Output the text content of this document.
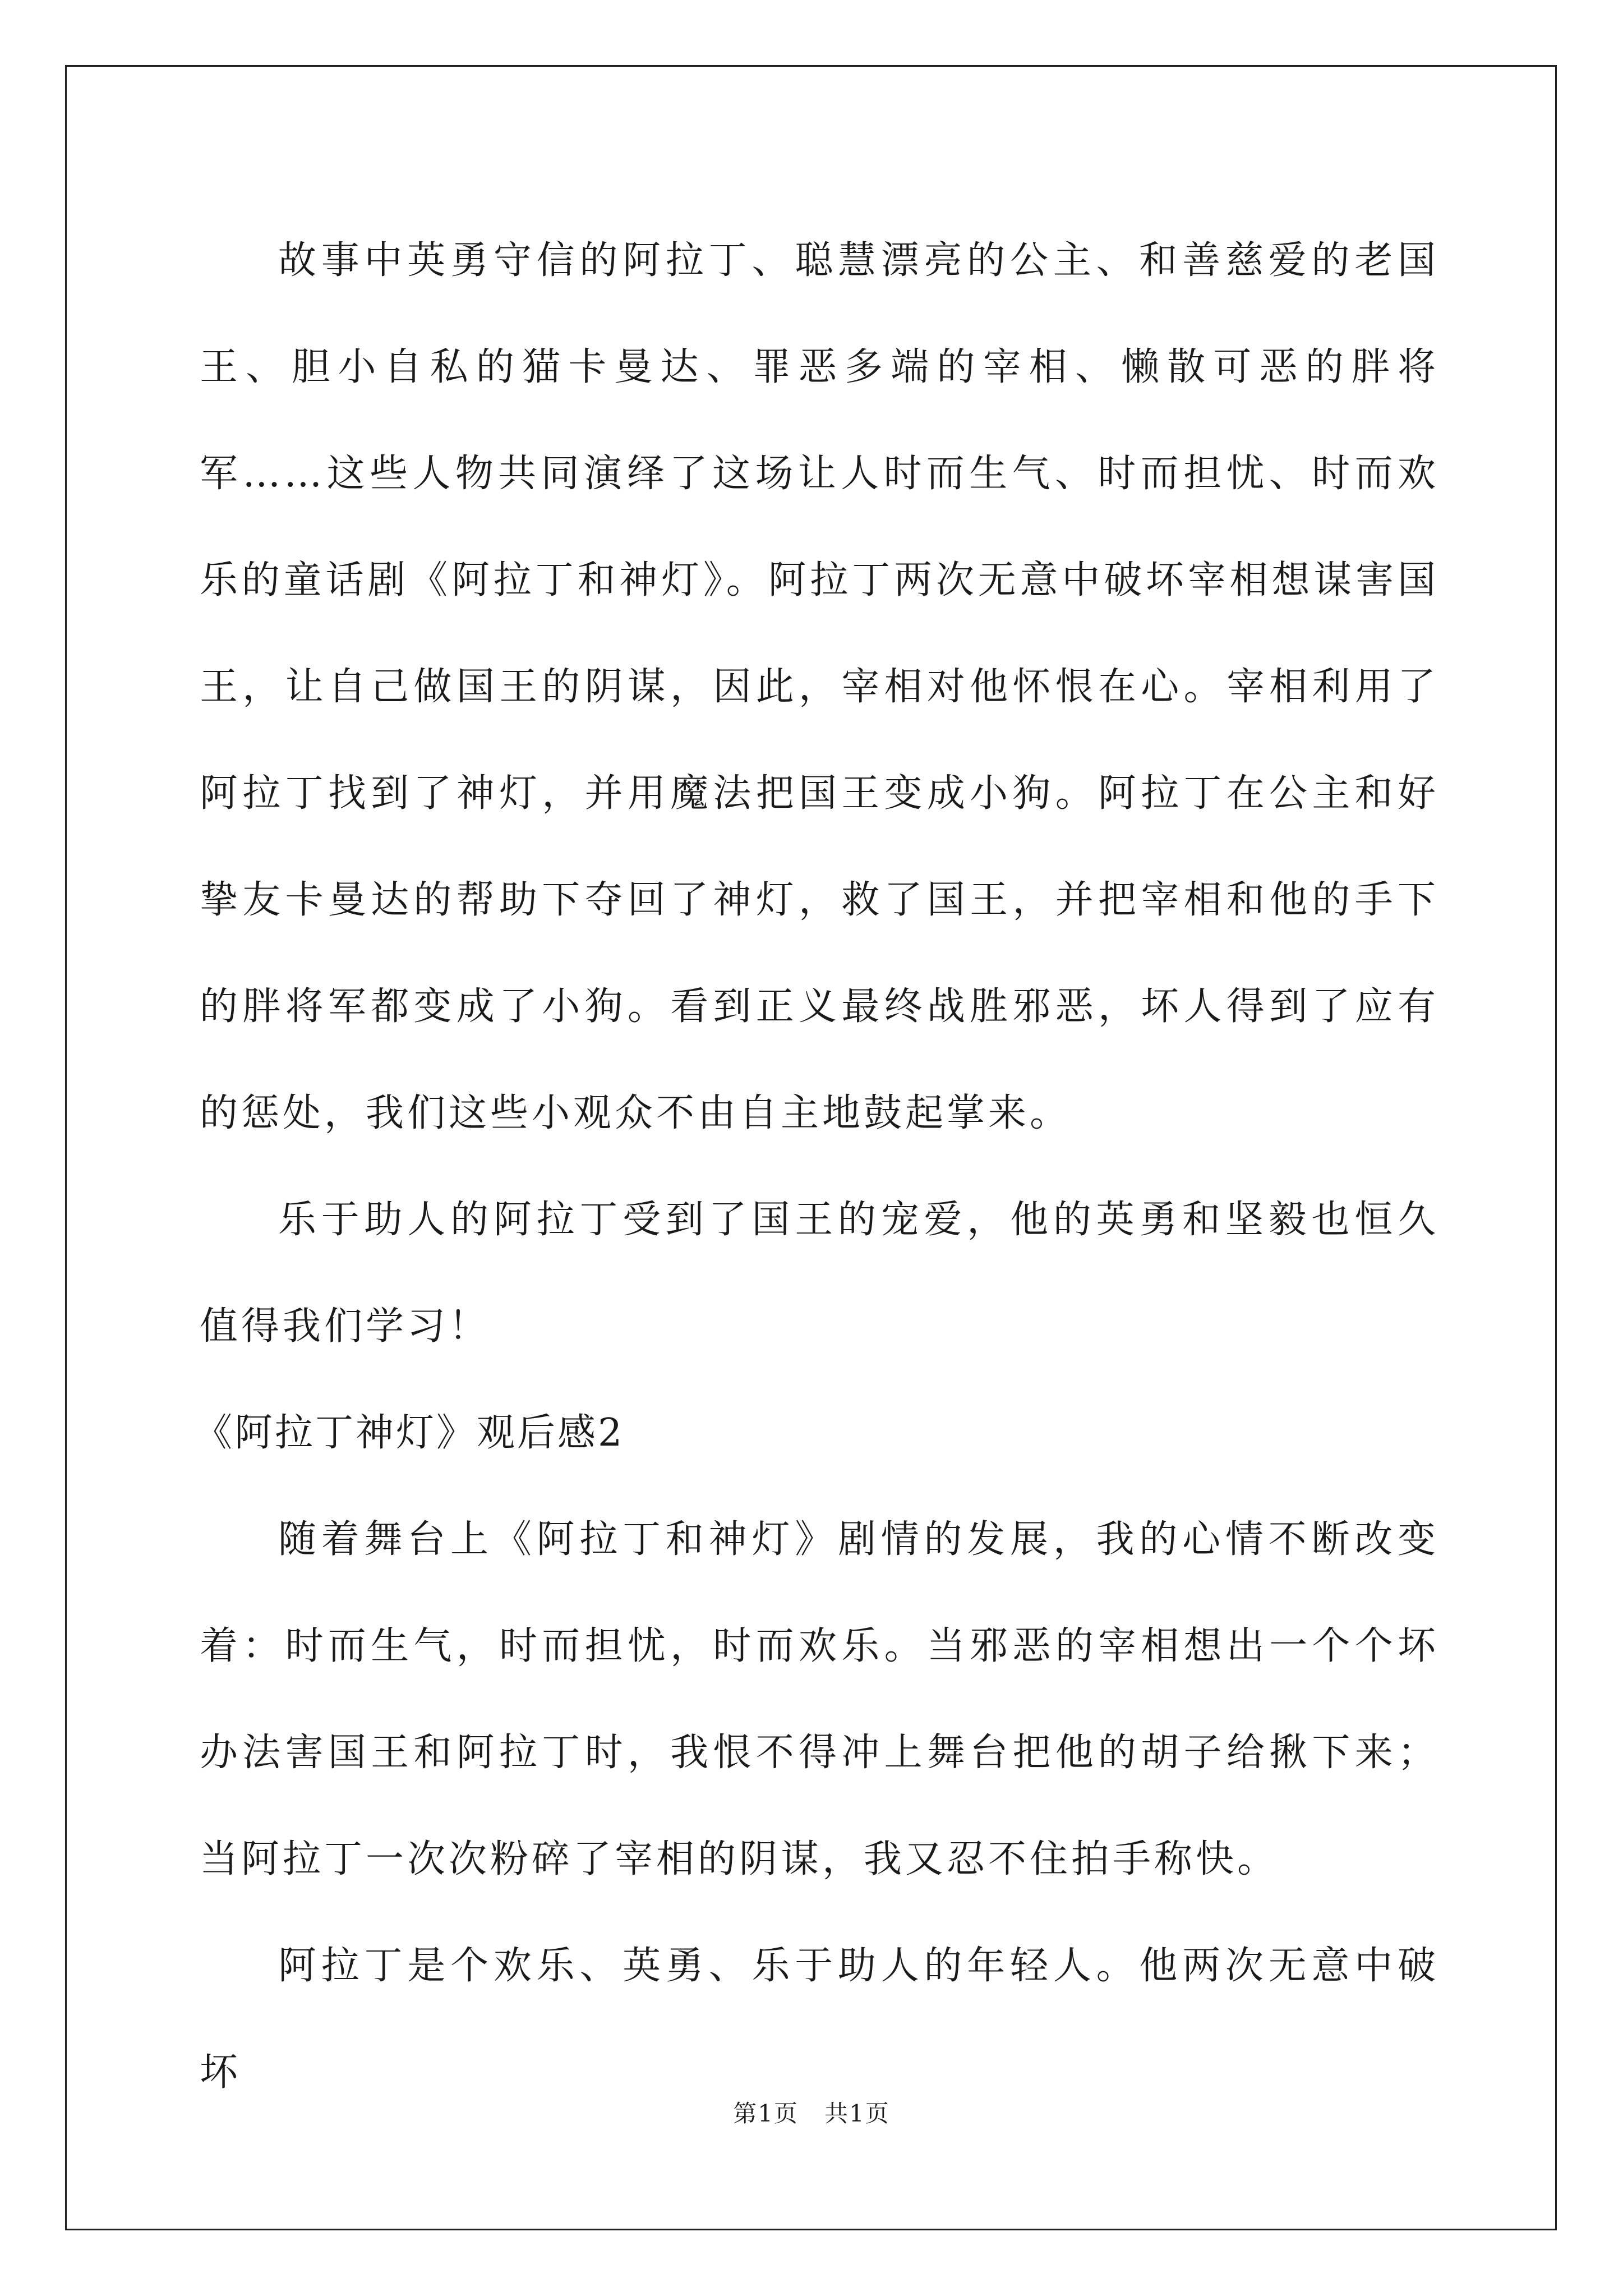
故事中英勇守信的阿拉丁、聪慧漂亮的公主、和善慈爱的老国王、胆小自私的猫卡曼达、罪恶多端的宰相、懒散可恶的胖将军……这些人物共同演绎了这场让人时而生气、时而担忧、时而欢乐的童话剧《阿拉丁和神灯》。阿拉丁两次无意中破坏宰相想谋害国王，让自己做国王的阴谋，因此，宰相对他怀恨在心。宰相利用了阿拉丁找到了神灯，并用魔法把国王变成小狗。阿拉丁在公主和好挚友卡曼达的帮助下夺回了神灯，救了国王，并把宰相和他的手下的胖将军都变成了小狗。看到正义最终战胜邪恶，坏人得到了应有的惩处，我们这些小观众不由自主地鼓起掌来。

乐于助人的阿拉丁受到了国王的宠爱，他的英勇和坚毅也恒久值得我们学习！

《阿拉丁神灯》观后感2

随着舞台上《阿拉丁和神灯》剧情的发展，我的心情不断改变着：时而生气，时而担忧，时而欢乐。当邪恶的宰相想出一个个坏办法害国王和阿拉丁时，我恨不得冲上舞台把他的胡子给揪下来；当阿拉丁一次次粉碎了宰相的阴谋，我又忍不住拍手称快。

阿拉丁是个欢乐、英勇、乐于助人的年轻人。他两次无意中破坏

第1页 共1页
